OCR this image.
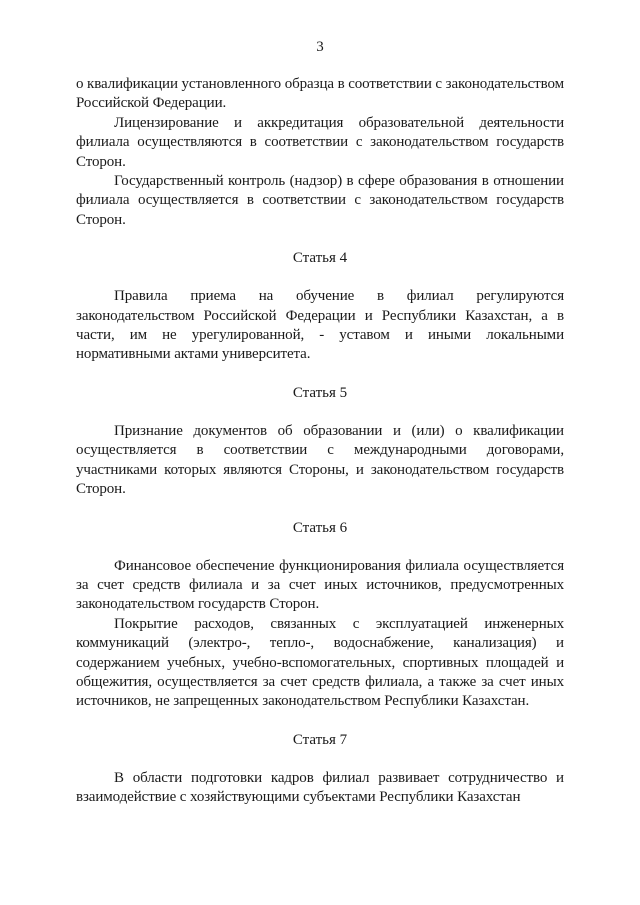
3

о квалификации установленного образца в соответствии с законодательством Российской Федерации.

Лицензирование и аккредитация образовательной деятельности филиала осуществляются в соответствии с законодательством государств Сторон.

Государственный контроль (надзор) в сфере образования в отношении филиала осуществляется в соответствии с законодательством государств Сторон.

Статья 4

Правила приема на обучение в филиал регулируются законодательством Российской Федерации и Республики Казахстан, а в части, им не урегулированной, - уставом и иными локальными нормативными актами университета.

Статья 5

Признание документов об образовании и (или) о квалификации осуществляется в соответствии с международными договорами, участниками которых являются Стороны, и законодательством государств Сторон.

Статья 6

Финансовое обеспечение функционирования филиала осуществляется за счет средств филиала и за счет иных источников, предусмотренных законодательством государств Сторон.

Покрытие расходов, связанных с эксплуатацией инженерных коммуникаций (электро-, тепло-, водоснабжение, канализация) и содержанием учебных, учебно-вспомогательных, спортивных площадей и общежития, осуществляется за счет средств филиала, а также за счет иных источников, не запрещенных законодательством Республики Казахстан.

Статья 7

В области подготовки кадров филиал развивает сотрудничество и взаимодействие с хозяйствующими субъектами Республики Казахстан
